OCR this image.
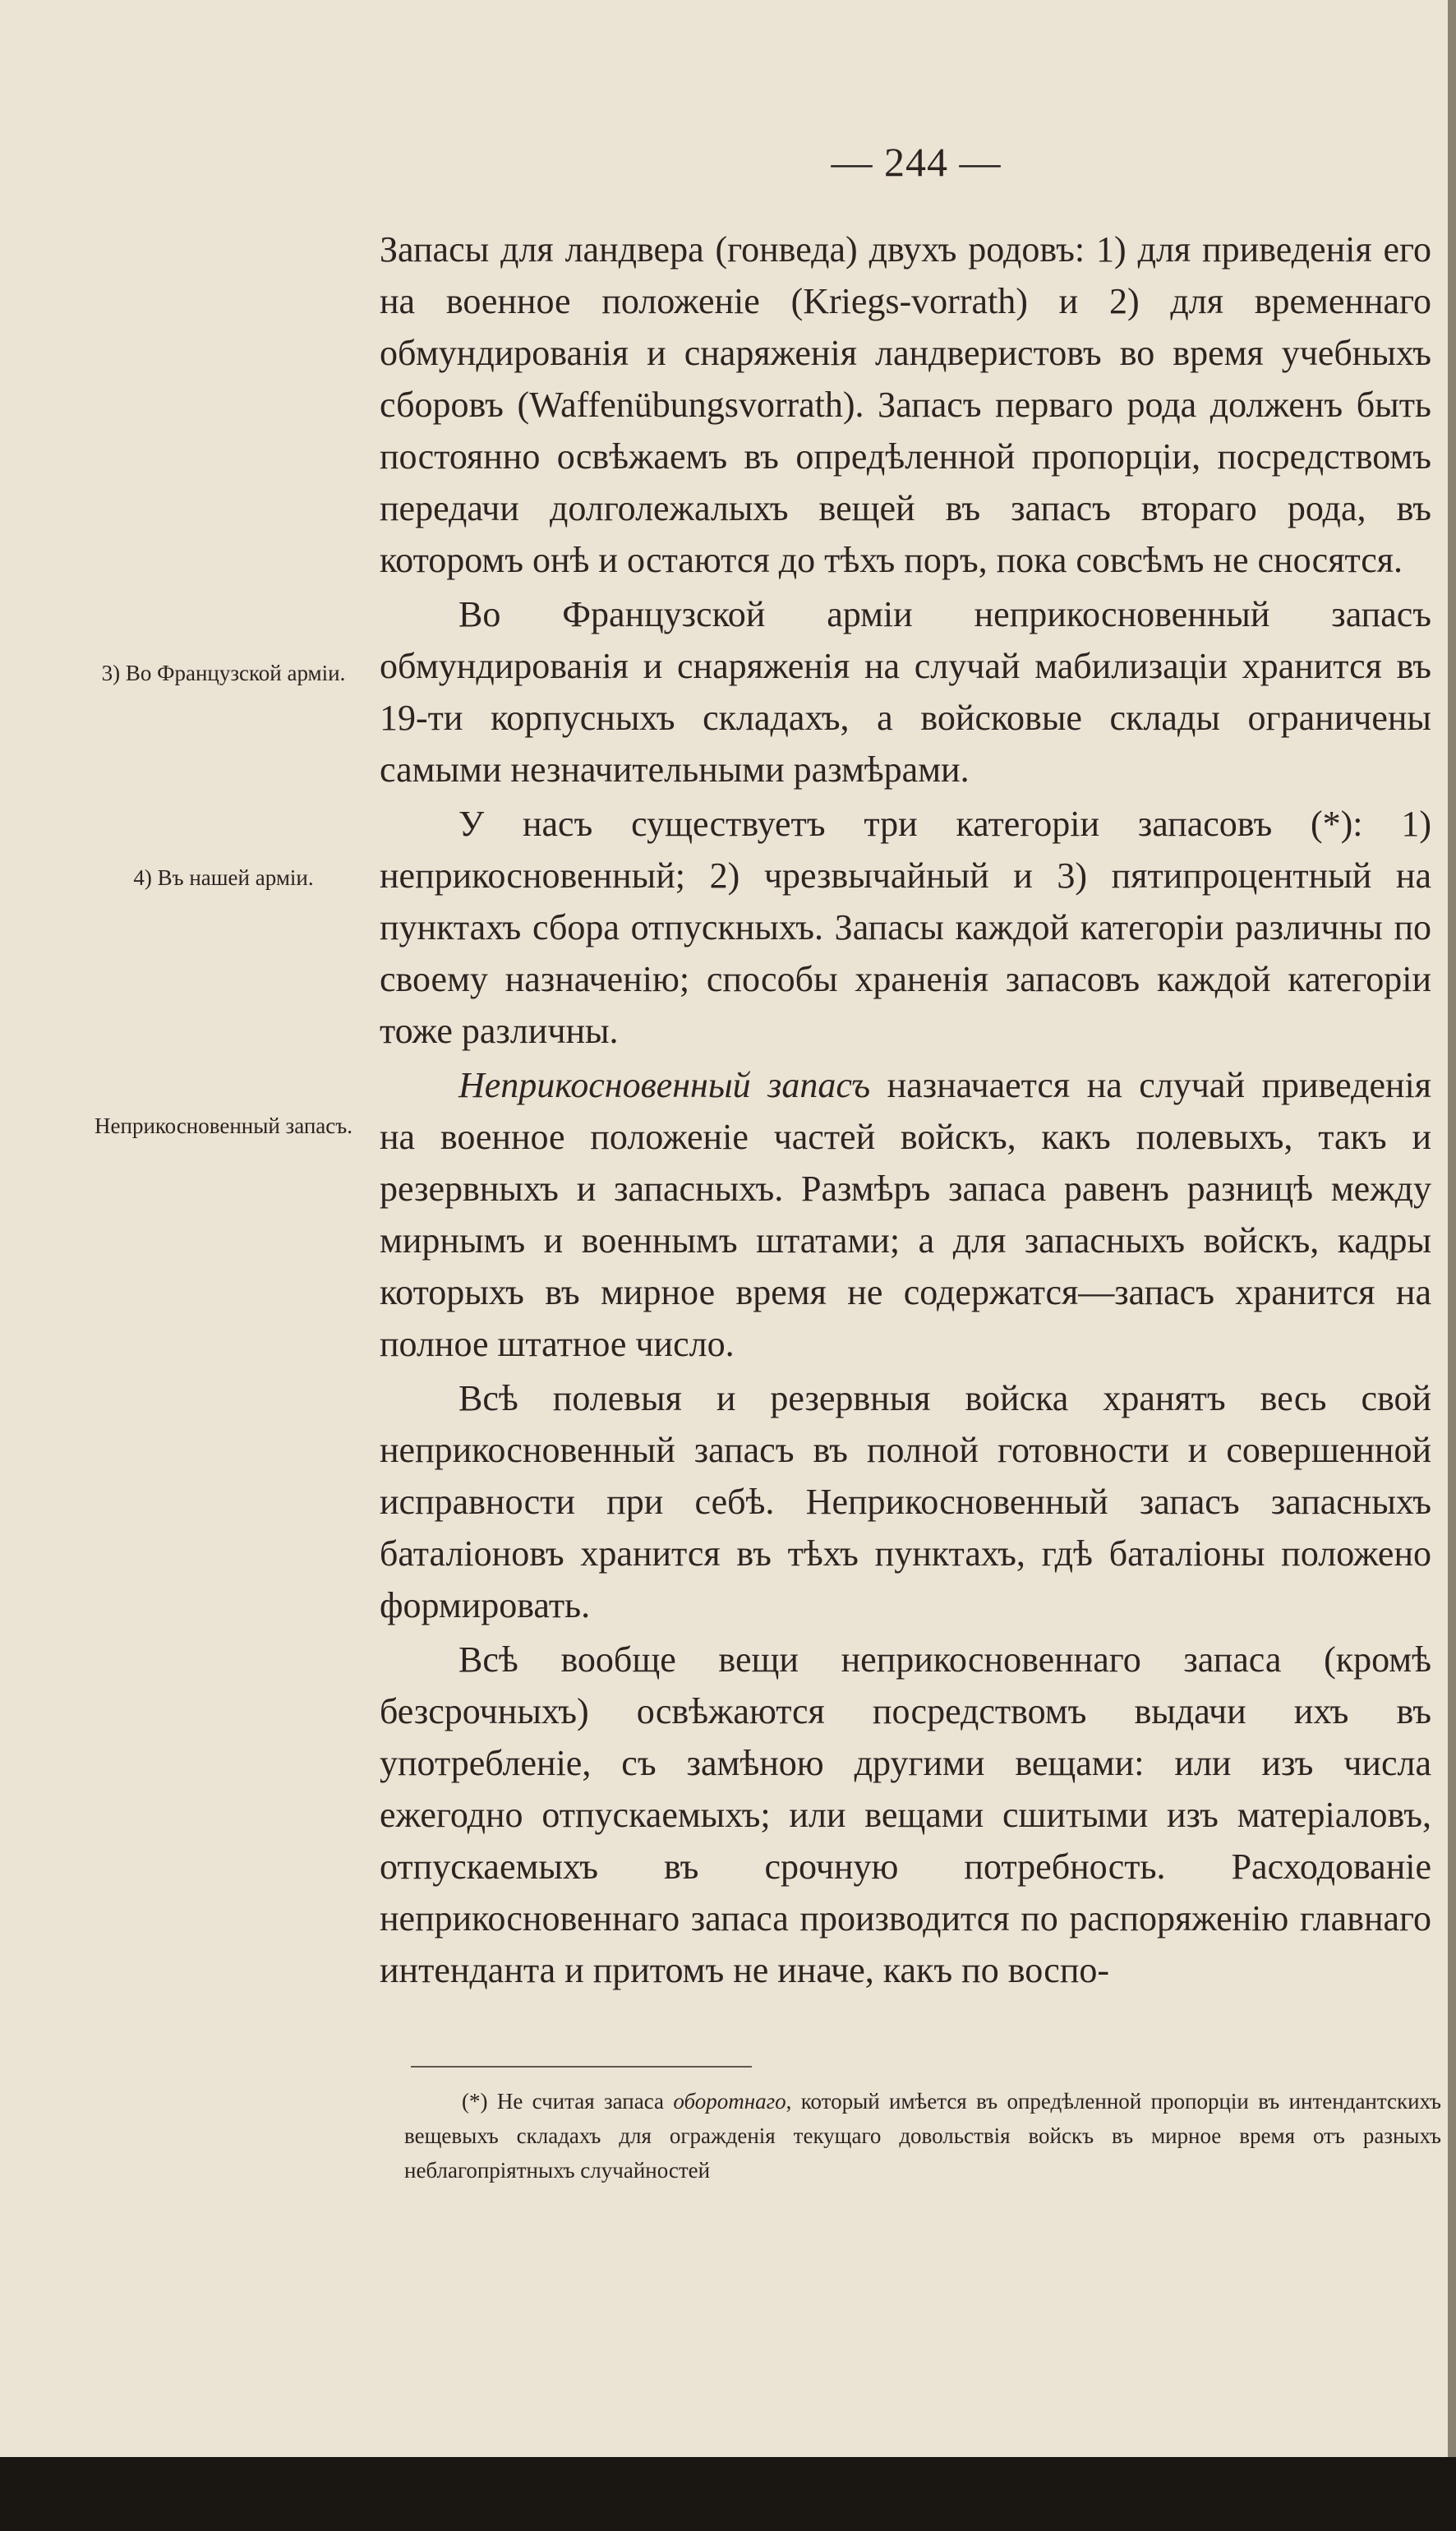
— 244 —
3) Во Французской арміи.
4) Въ нашей арміи.
Неприкосновенный запасъ.

Запасы для ландвера (гонведа) двухъ родовъ: 1) для приведенія его на военное положеніе (Kriegs-vorrath) и 2) для временнаго обмундированія и снаряженія ландверистовъ во время учебныхъ сборовъ (Waffenübungsvorrath). Запасъ перваго рода долженъ быть постоянно освѣжаемъ въ опредѣленной пропорціи, посредствомъ передачи долголежалыхъ вещей въ запасъ втораго рода, въ которомъ онѣ и остаются до тѣхъ поръ, пока совсѣмъ не сносятся.

Во Французской арміи неприкосновенный запасъ обмундированія и снаряженія на случай мабилизаціи хранится въ 19-ти корпусныхъ складахъ, а войсковые склады ограничены самыми незначительными размѣрами.

У насъ существуетъ три категоріи запасовъ (*): 1) неприкосновенный; 2) чрезвычайный и 3) пятипроцентный на пунктахъ сбора отпускныхъ. Запасы каждой категоріи различны по своему назначенію; способы храненія запасовъ каждой категоріи тоже различны.

Неприкосновенный запасъ назначается на случай приведенія на военное положеніе частей войскъ, какъ полевыхъ, такъ и резервныхъ и запасныхъ. Размѣръ запаса равенъ разницѣ между мирнымъ и военнымъ штатами; а для запасныхъ войскъ, кадры которыхъ въ мирное время не содержатся—запасъ хранится на полное штатное число.

Всѣ полевыя и резервныя войска хранятъ весь свой неприкосновенный запасъ въ полной готовности и совершенной исправности при себѣ. Неприкосновенный запасъ запасныхъ баталіоновъ хранится въ тѣхъ пунктахъ, гдѣ баталіоны положено формировать.

Всѣ вообще вещи неприкосновеннаго запаса (кромѣ безсрочныхъ) освѣжаются посредствомъ выдачи ихъ въ употребленіе, съ замѣною другими вещами: или изъ числа ежегодно отпускаемыхъ; или вещами сшитыми изъ матеріаловъ, отпускаемыхъ въ срочную потребность. Расходованіе неприкосновеннаго запаса производится по распоряженію главнаго интенданта и притомъ не иначе, какъ по воспо-

(*) Не считая запаса оборотнаго, который имѣется въ опредѣленной пропорціи въ интендантскихъ вещевыхъ складахъ для огражденія текущаго довольствія войскъ въ мирное время отъ разныхъ неблагопріятныхъ случайностей
